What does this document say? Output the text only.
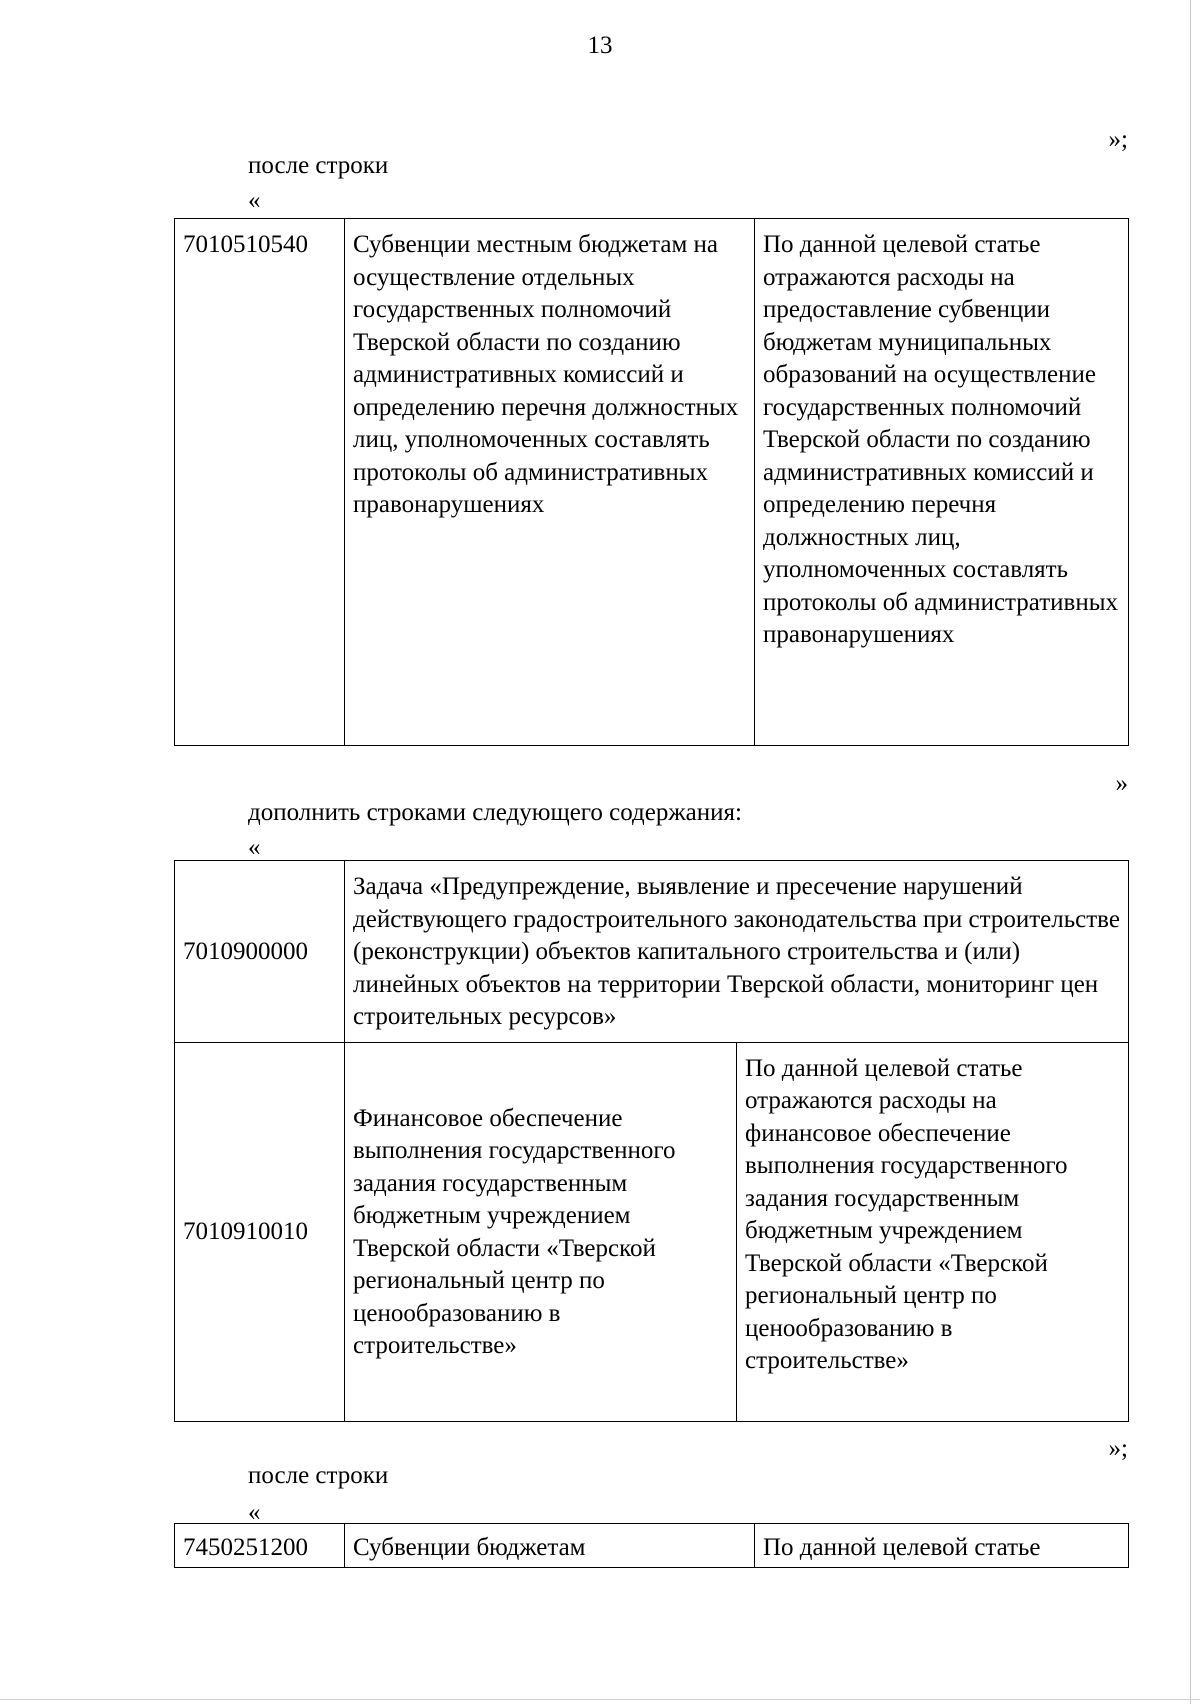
13
»;
после строки
«
7010510540	Субвенции местным бюджетам на осуществление отдельных государственных полномочий Тверской области по созданию административных комиссий и определению перечня должностных лиц, уполномоченных составлять протоколы об административных правонарушениях	По данной целевой статье отражаются расходы на предоставление субвенции бюджетам муниципальных образований на осуществление государственных полномочий Тверской области по созданию административных комиссий и определению перечня должностных лиц, уполномоченных составлять протоколы об административных правонарушениях
»
дополнить строками следующего содержания:
«
7010900000	Задача «Предупреждение, выявление и пресечение нарушений действующего градостроительного законодательства при строительстве (реконструкции) объектов капитального строительства и (или) линейных объектов на территории Тверской области, мониторинг цен строительных ресурсов»	
7010910010	Финансовое обеспечение выполнения государственного задания государственным бюджетным учреждением Тверской области «Тверской региональный центр по ценообразованию в строительстве»	По данной целевой статье отражаются расходы на финансовое обеспечение выполнения государственного задания государственным бюджетным учреждением Тверской области «Тверской региональный центр по ценообразованию в строительстве»
»;
после строки
«
7450251200	Субвенции бюджетам	По данной целевой статье
